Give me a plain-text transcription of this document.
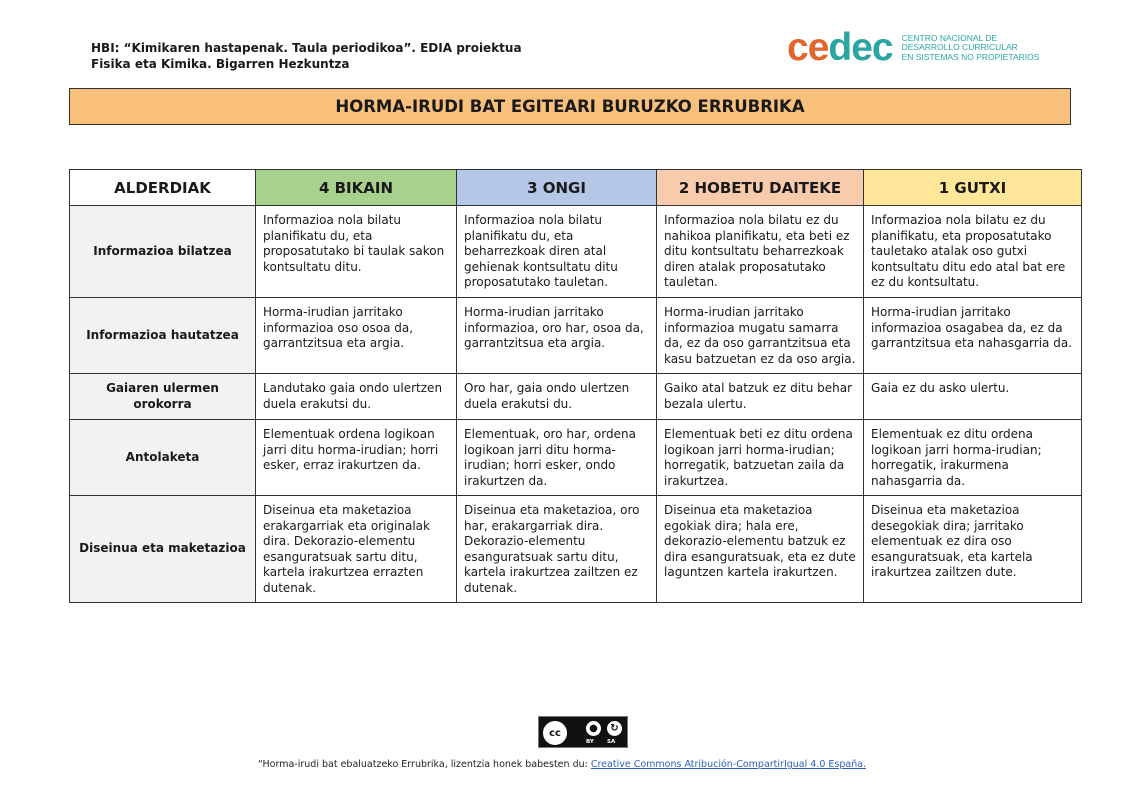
HBI: “Kimikaren hastapenak. Taula periodikoa”. EDIA proiektua
Fisika eta Kimika. Bigarren Hezkuntza	cedec CENTRO NACIONAL DE
DESARROLLO CURRICULAR
EN SISTEMAS NO PROPIETARIOS
HORMA-IRUDI BAT EGITEARI BURUZKO ERRUBRIKA
ALDERDIAK	4 BIKAIN	3 ONGI	2 HOBETU DAITEKE	1 GUTXI
Informazioa bilatzea	Informazioa nola bilatu planifikatu du, eta proposatutako bi taulak sakon kontsultatu ditu.	Informazioa nola bilatu planifikatu du, eta beharrezkoak diren atal gehienak kontsultatu ditu proposatutako tauletan.	Informazioa nola bilatu ez du nahikoa planifikatu, eta beti ez ditu kontsultatu beharrezkoak diren atalak proposatutako tauletan.	Informazioa nola bilatu ez du planifikatu, eta proposatutako tauletako atalak oso gutxi kontsultatu ditu edo atal bat ere ez du kontsultatu.
Informazioa hautatzea	Horma-irudian jarritako informazioa oso osoa da, garrantzitsua eta argia.	Horma-irudian jarritako informazioa, oro har, osoa da, garrantzitsua eta argia.	Horma-irudian jarritako informazioa mugatu samarra da, ez da oso garrantzitsua eta kasu batzuetan ez da oso argia.	Horma-irudian jarritako informazioa osagabea da, ez da garrantzitsua eta nahasgarria da.
Gaiaren ulermen orokorra	Landutako gaia ondo ulertzen duela erakutsi du.	Oro har, gaia ondo ulertzen duela erakutsi du.	Gaiko atal batzuk ez ditu behar bezala ulertu.	Gaia ez du asko ulertu.
Antolaketa	Elementuak ordena logikoan jarri ditu horma-irudian; horri esker, erraz irakurtzen da.	Elementuak, oro har, ordena logikoan jarri ditu horma-irudian; horri esker, ondo irakurtzen da.	Elementuak beti ez ditu ordena logikoan jarri horma-irudian; horregatik, batzuetan zaila da irakurtzea.	Elementuak ez ditu ordena logikoan jarri horma-irudian; horregatik, irakurmena nahasgarria da.
Diseinua eta maketazioa	Diseinua eta maketazioa erakargarriak eta originalak dira. Dekorazio-elementu esanguratsuak sartu ditu, kartela irakurtzea errazten dutenak.	Diseinua eta maketazioa, oro har, erakargarriak dira. Dekorazio-elementu esanguratsuak sartu ditu, kartela irakurtzea zailtzen ez dutenak.	Diseinua eta maketazioa egokiak dira; hala ere, dekorazio-elementu batzuk ez dira esanguratsuak, eta ez dute laguntzen kartela irakurtzen.	Diseinua eta maketazioa desegokiak dira; jarritako elementuak ez dira oso esanguratsuak, eta kartela irakurtzea zailtzen dute.
cc	●	↻
BY SA
“Horma-irudi bat ebaluatzeko Errubrika, lizentzia honek babesten du: Creative Commons Atribución-CompartirIgual 4.0 España.
